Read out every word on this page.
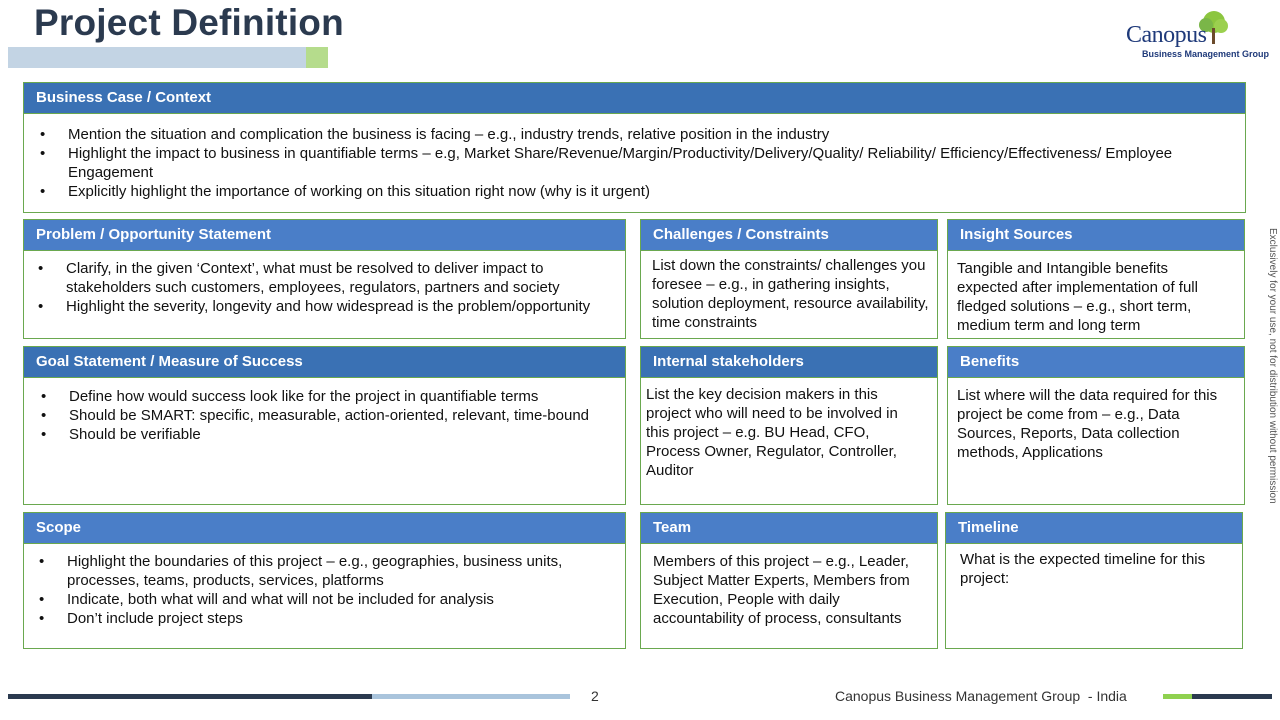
Project Definition	Canopus
Business Management Group
Exclusively for your use, not for distribution without permission
Business Case / Context
• Mention the situation and complication the business is facing – e.g., industry trends, relative position in the industry
• Highlight the impact to business in quantifiable terms – e.g, Market Share/Revenue/Margin/Productivity/Delivery/Quality/ Reliability/ Efficiency/Effectiveness/ Employee Engagement
• Explicitly highlight the importance of working on this situation right now (why is it urgent)
Problem / Opportunity Statement
• Clarify, in the given ‘Context’, what must be resolved to deliver impact to stakeholders such customers, employees, regulators, partners and society
• Highlight the severity, longevity and how widespread is the problem/opportunity
Challenges / Constraints

List down the constraints/ challenges you foresee – e.g., in gathering insights, solution deployment, resource availability, time constraints

Insight Sources

Tangible and Intangible benefits expected after implementation of full fledged solutions – e.g., short term, medium term and long term

Goal Statement / Measure of Success
• Define how would success look like for the project in quantifiable terms
• Should be SMART: specific, measurable, action-oriented, relevant, time-bound
• Should be verifiable
Internal stakeholders

List the key decision makers in this project who will need to be involved in this project – e.g. BU Head, CFO, Process Owner, Regulator, Controller, Auditor

Benefits

List where will the data required for this project be come from – e.g., Data Sources, Reports, Data collection methods, Applications

Scope
• Highlight the boundaries of this project – e.g., geographies, business units, processes, teams, products, services, platforms
• Indicate, both what will and what will not be included for analysis
• Don’t include project steps
Team

Members of this project – e.g., Leader, Subject Matter Experts, Members from Execution, People with daily accountability of process, consultants

Timeline

What is the expected timeline for this project:

2	Canopus Business Management Group  - India
